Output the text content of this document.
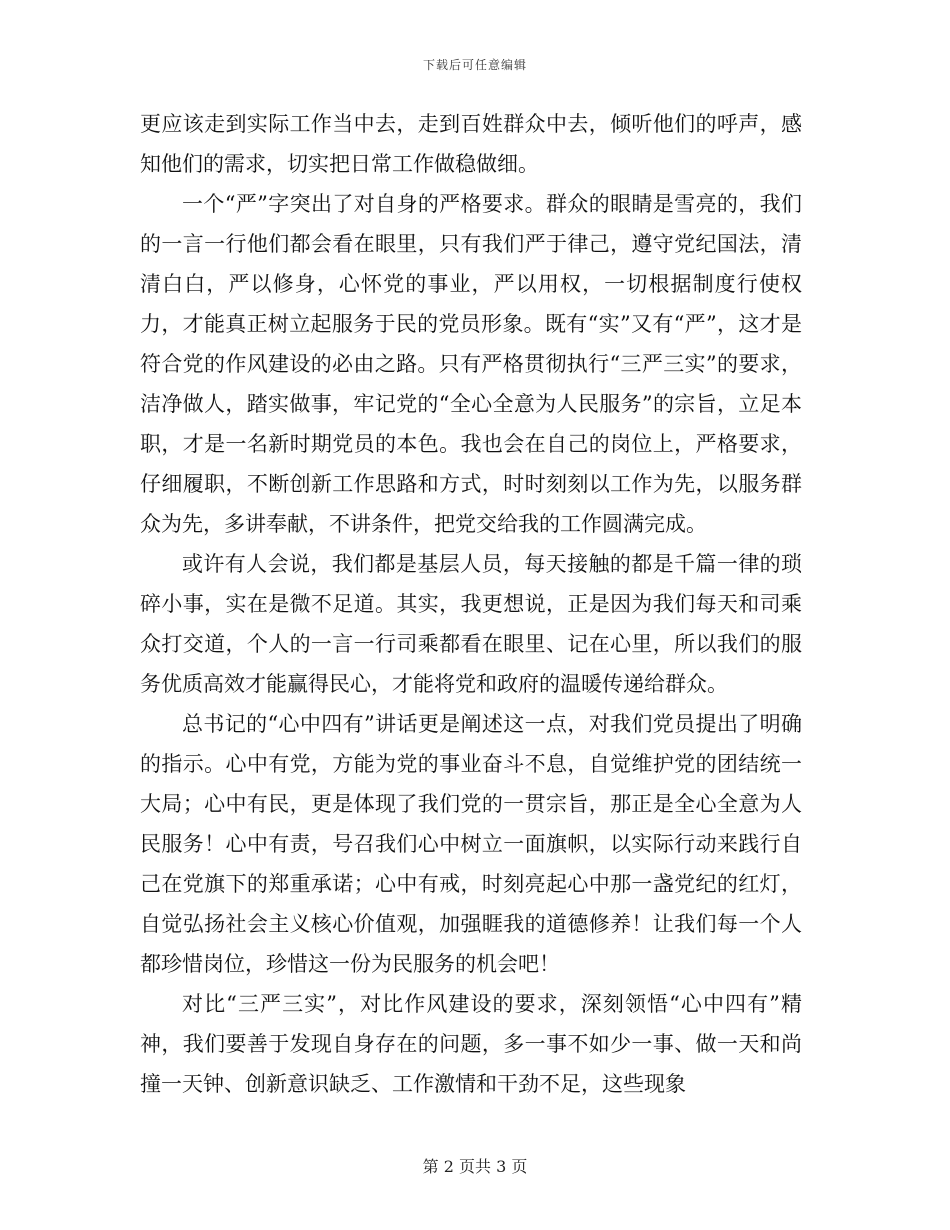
下载后可任意编辑

更应该走到实际工作当中去，走到百姓群众中去，倾听他们的呼声，感知他们的需求，切实把日常工作做稳做细。

一个“严”字突出了对自身的严格要求。群众的眼睛是雪亮的，我们的一言一行他们都会看在眼里，只有我们严于律己，遵守党纪国法，清清白白，严以修身，心怀党的事业，严以用权，一切根据制度行使权力，才能真正树立起服务于民的党员形象。既有“实”又有“严”，这才是符合党的作风建设的必由之路。只有严格贯彻执行“三严三实”的要求，洁净做人，踏实做事，牢记党的“全心全意为人民服务”的宗旨，立足本职，才是一名新时期党员的本色。我也会在自己的岗位上，严格要求，仔细履职，不断创新工作思路和方式，时时刻刻以工作为先，以服务群众为先，多讲奉献，不讲条件，把党交给我的工作圆满完成。

或许有人会说，我们都是基层人员，每天接触的都是千篇一律的琐碎小事，实在是微不足道。其实，我更想说，正是因为我们每天和司乘众打交道，个人的一言一行司乘都看在眼里、记在心里，所以我们的服务优质高效才能赢得民心，才能将党和政府的温暖传递给群众。

总书记的“心中四有”讲话更是阐述这一点，对我们党员提出了明确的指示。心中有党，方能为党的事业奋斗不息，自觉维护党的团结统一大局；心中有民，更是体现了我们党的一贯宗旨，那正是全心全意为人民服务！心中有责，号召我们心中树立一面旗帜，以实际行动来践行自己在党旗下的郑重承诺；心中有戒，时刻亮起心中那一盏党纪的红灯，自觉弘扬社会主义核心价值观，加强睚我的道德修养！让我们每一个人都珍惜岗位，珍惜这一份为民服务的机会吧！

对比“三严三实”，对比作风建设的要求，深刻领悟“心中四有”精神，我们要善于发现自身存在的问题，多一事不如少一事、做一天和尚撞一天钟、创新意识缺乏、工作激情和干劲不足，这些现象

第 2 页共 3 页
